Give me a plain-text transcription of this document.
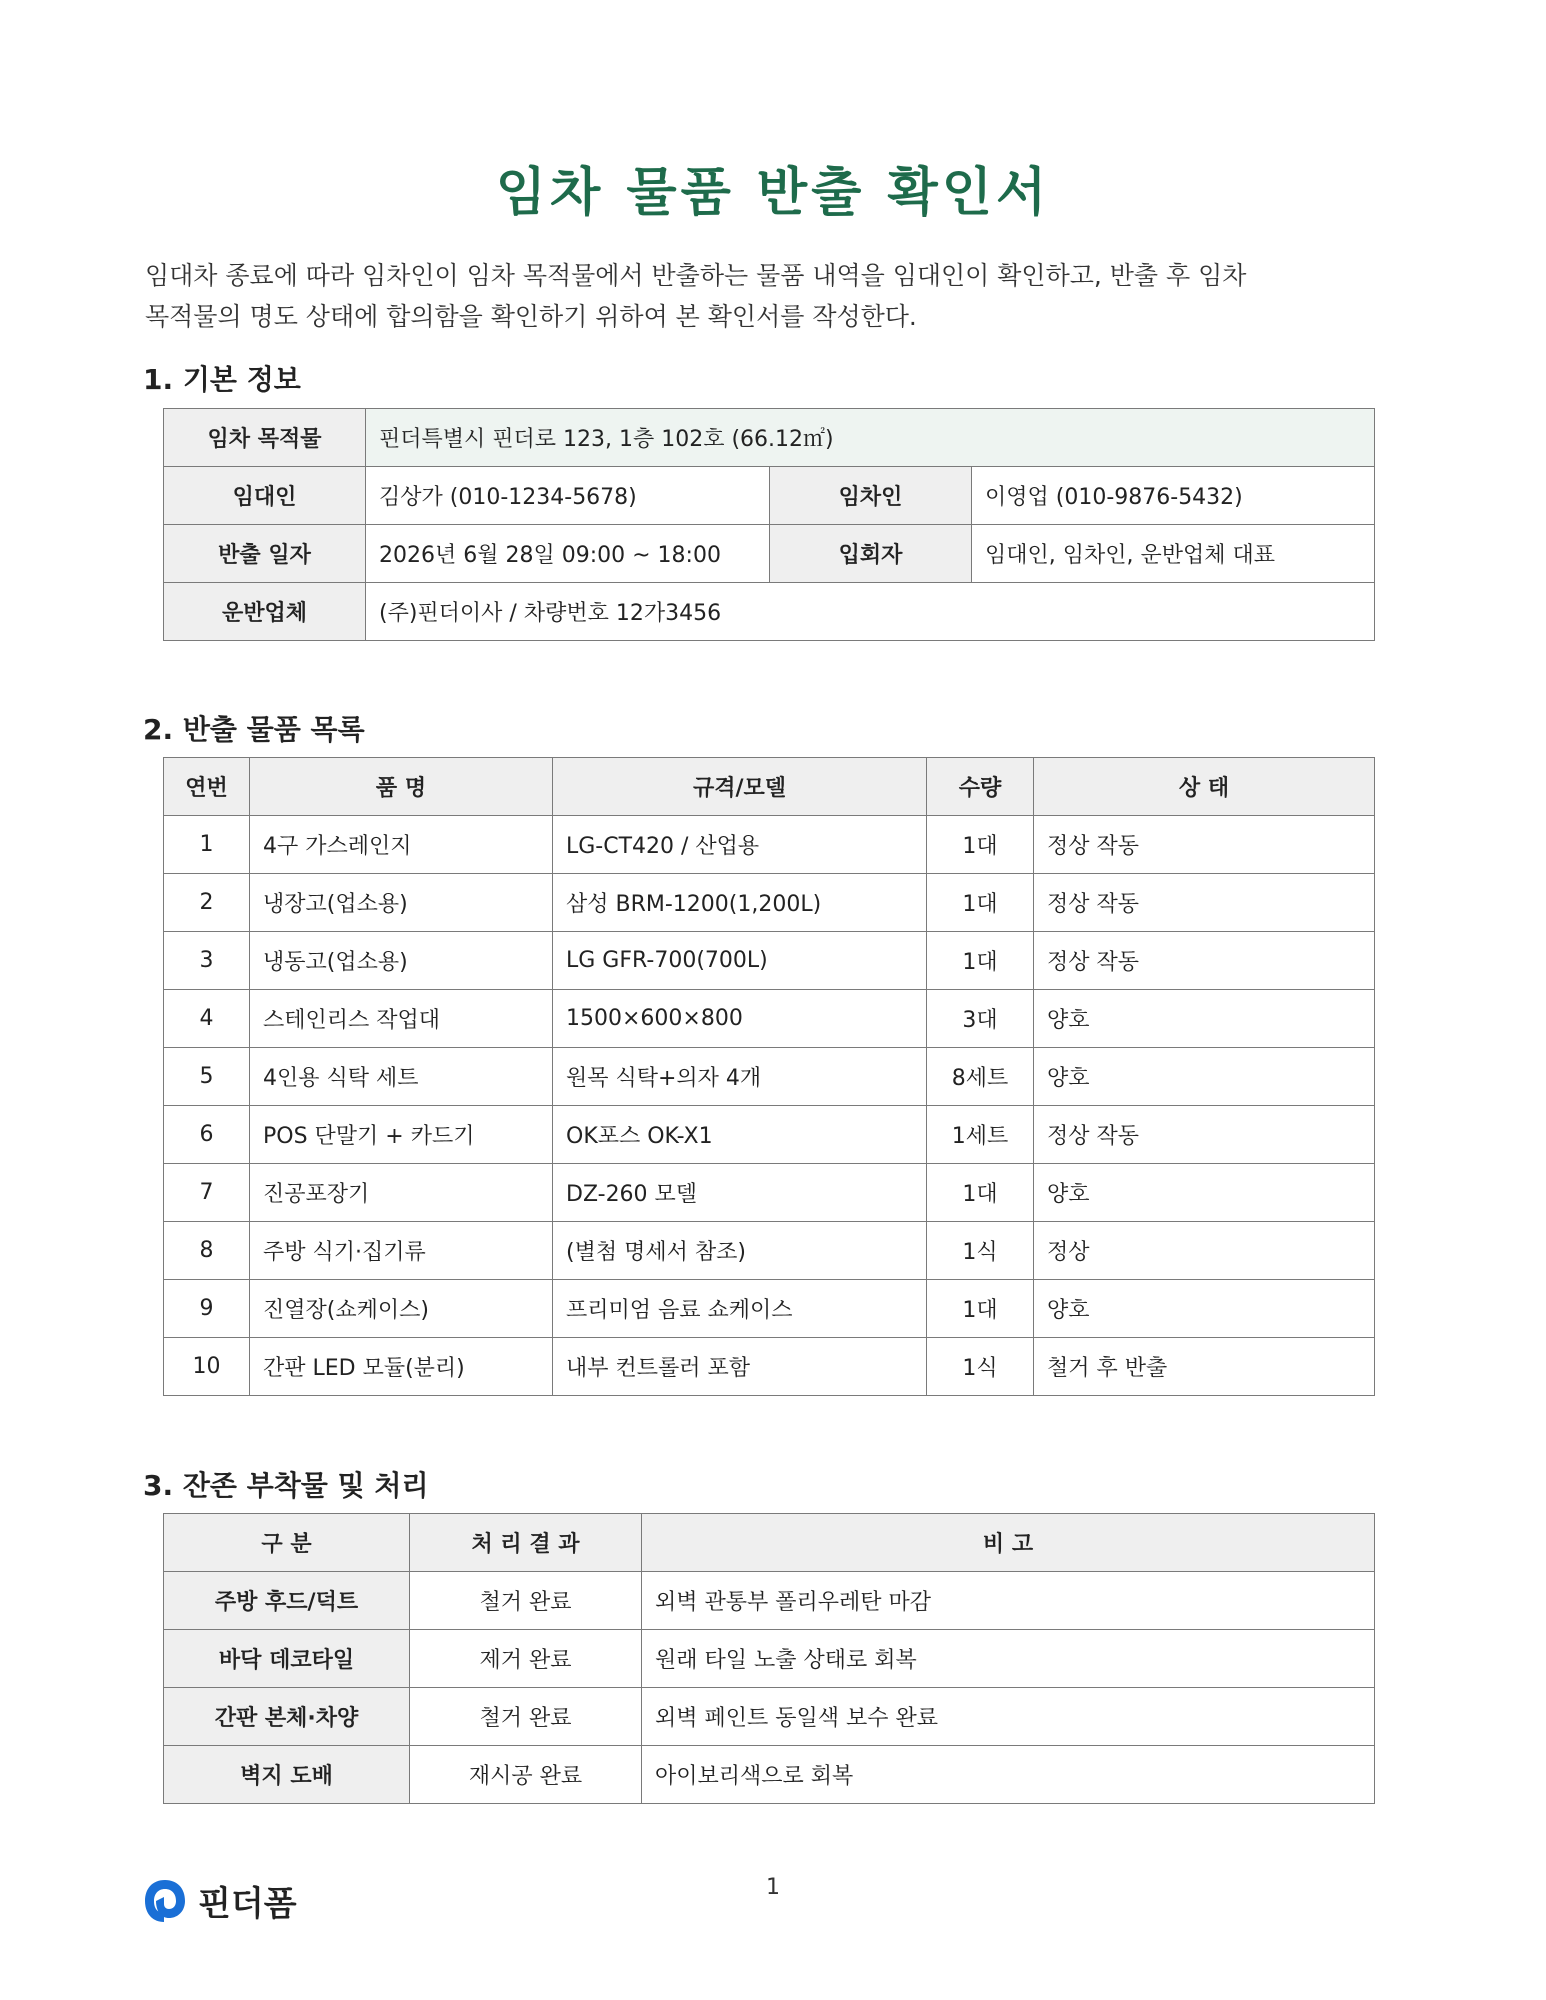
임차 물품 반출 확인서

임대차 종료에 따라 임차인이 임차 목적물에서 반출하는 물품 내역을 임대인이 확인하고, 반출 후 임차

목적물의 명도 상태에 합의함을 확인하기 위하여 본 확인서를 작성한다.

1. 기본 정보
임차 목적물	핀더특별시 핀더로 123, 1층 102호 (66.12㎡)		
임대인	김상가 (010-1234-5678)	임차인	이영업 (010-9876-5432)
반출 일자	2026년 6월 28일 09:00 ~ 18:00	입회자	임대인, 임차인, 운반업체 대표
운반업체	(주)핀더이사 / 차량번호 12가3456		
2. 반출 물품 목록
연번	품 명	규격/모델	수량	상 태
1	4구 가스레인지	LG-CT420 / 산업용	1대	정상 작동
2	냉장고(업소용)	삼성 BRM-1200(1,200L)	1대	정상 작동
3	냉동고(업소용)	LG GFR-700(700L)	1대	정상 작동
4	스테인리스 작업대	1500×600×800	3대	양호
5	4인용 식탁 세트	원목 식탁+의자 4개	8세트	양호
6	POS 단말기 + 카드기	OK포스 OK-X1	1세트	정상 작동
7	진공포장기	DZ-260 모델	1대	양호
8	주방 식기·집기류	(별첨 명세서 참조)	1식	정상
9	진열장(쇼케이스)	프리미엄 음료 쇼케이스	1대	양호
10	간판 LED 모듈(분리)	내부 컨트롤러 포함	1식	철거 후 반출
3. 잔존 부착물 및 처리
구 분	처 리 결 과	비 고
주방 후드/덕트	철거 완료	외벽 관통부 폴리우레탄 마감
바닥 데코타일	제거 완료	원래 타일 노출 상태로 회복
간판 본체·차양	철거 완료	외벽 페인트 동일색 보수 완료
벽지 도배	재시공 완료	아이보리색으로 회복
핀더폼	1
